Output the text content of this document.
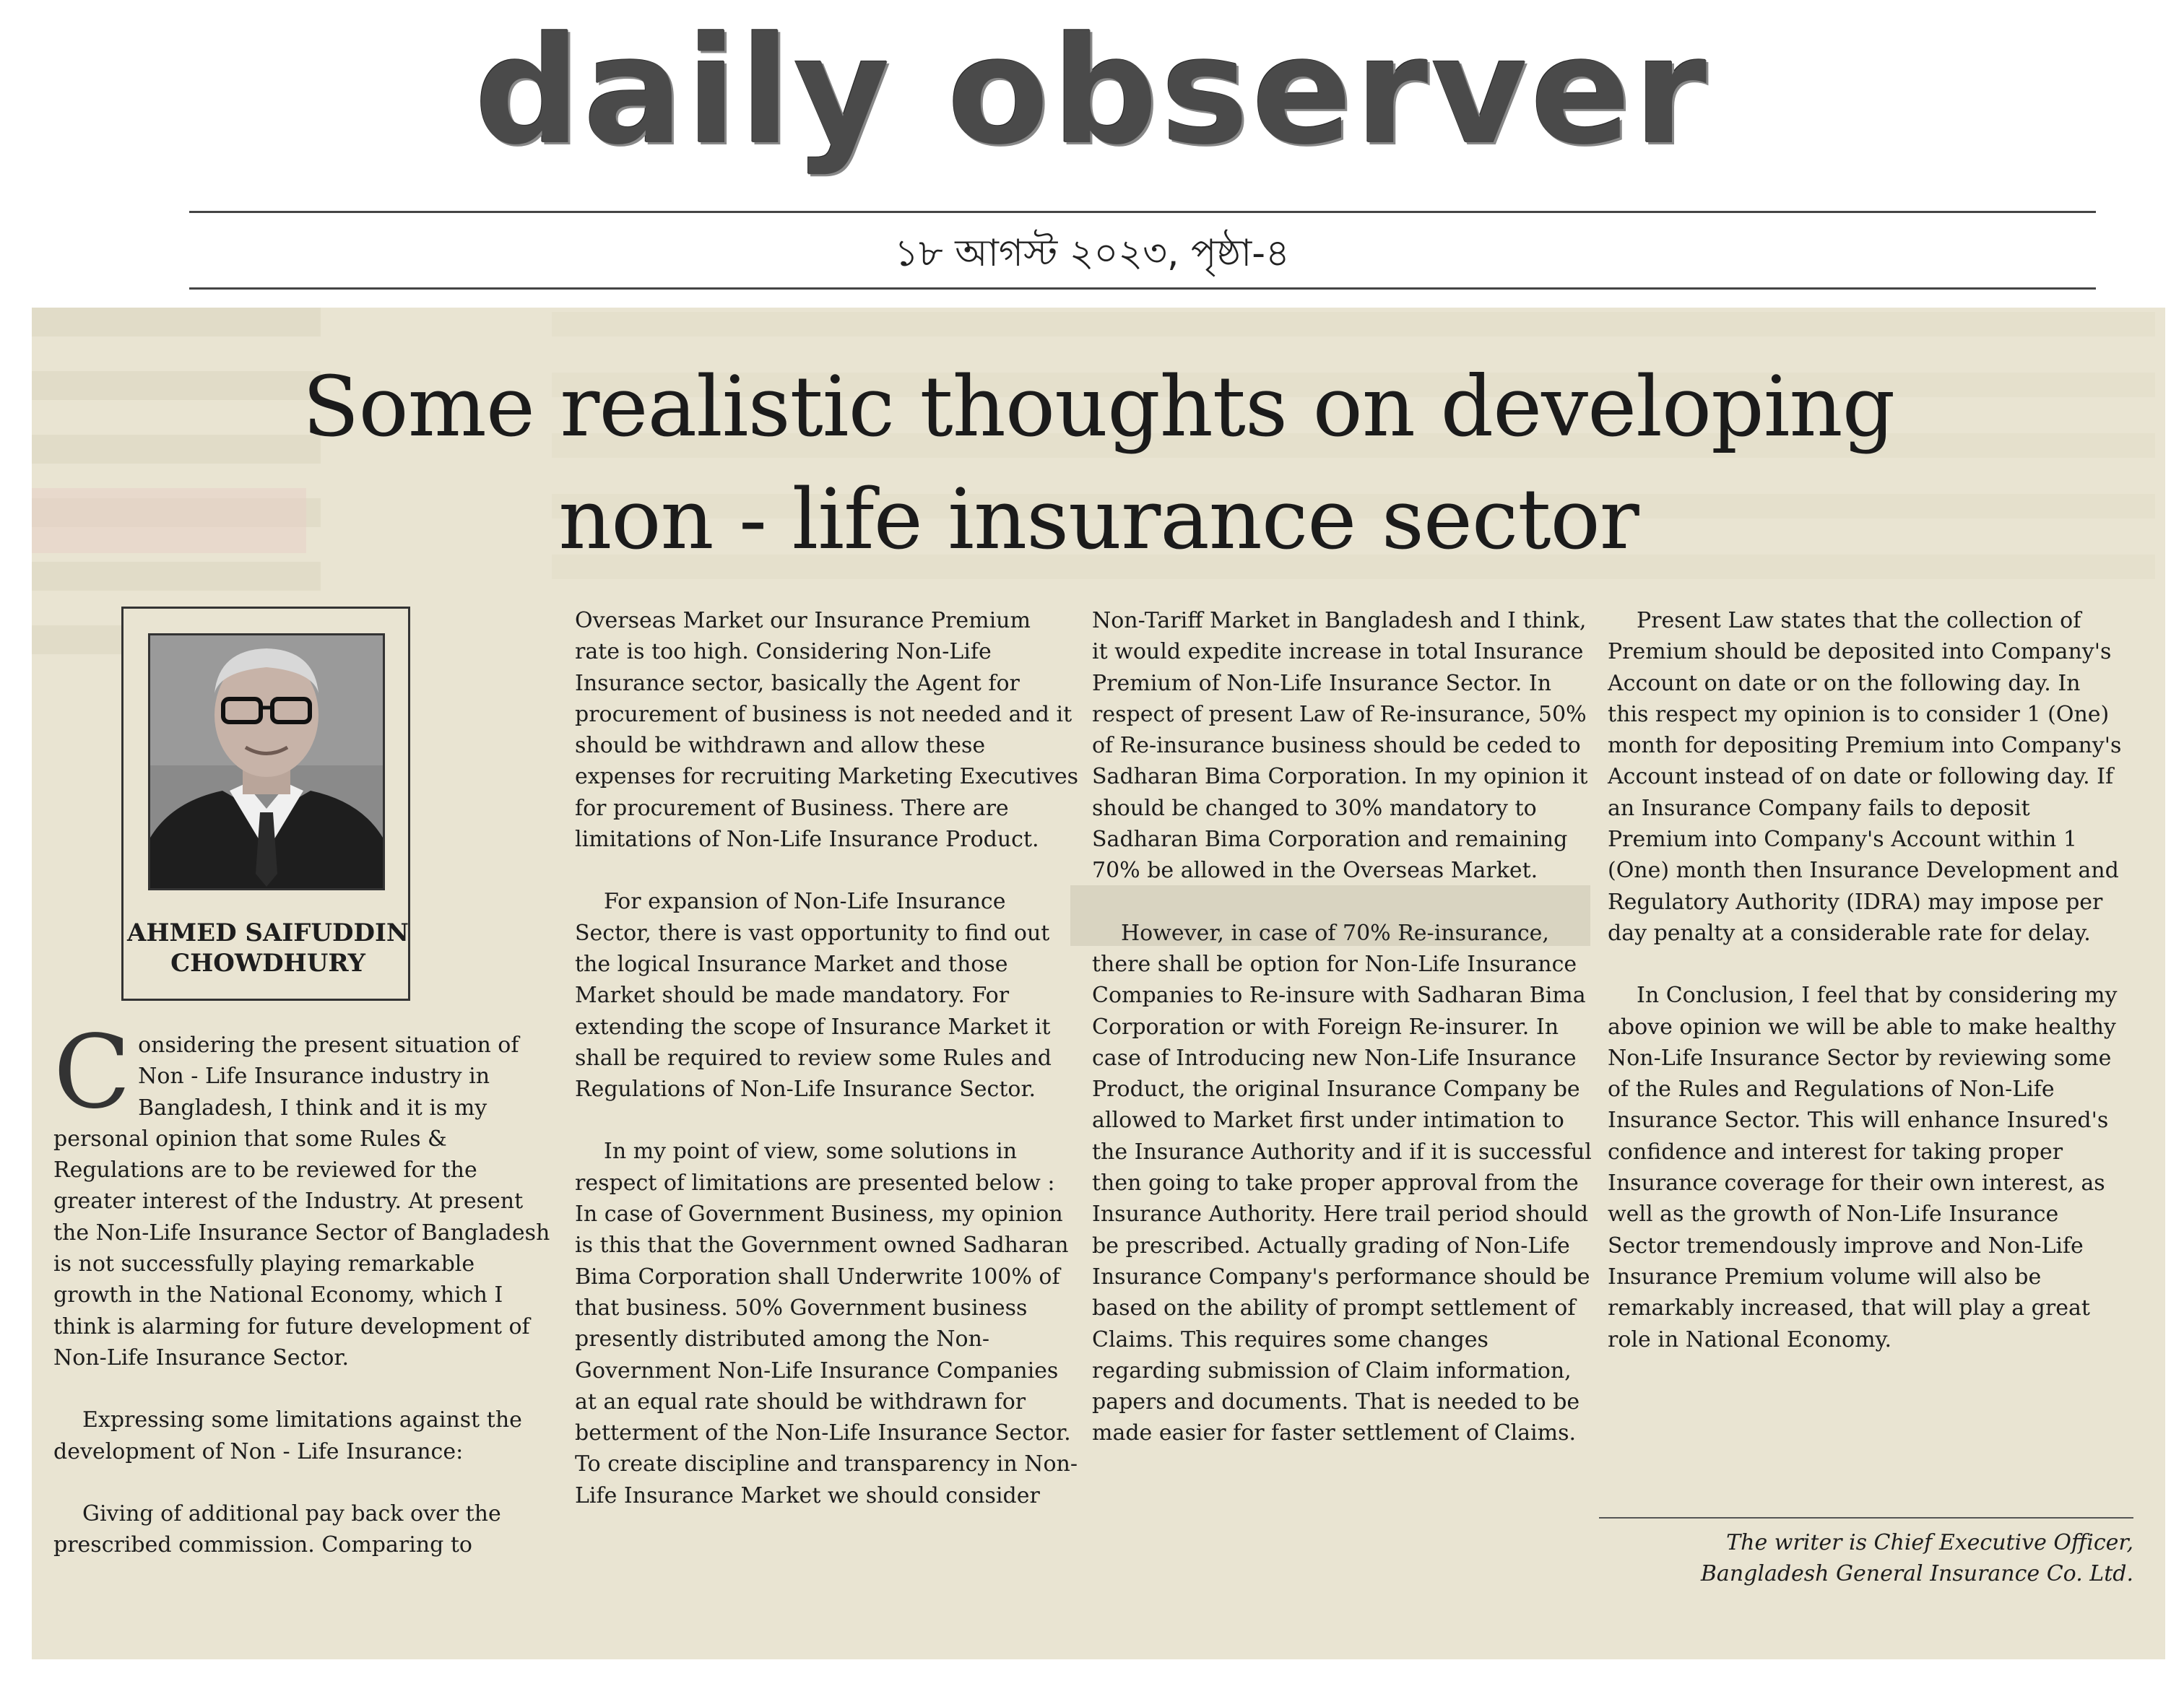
daily observer
১৮ আগস্ট ২০২৩, পৃষ্ঠা-৪
Some realistic thoughts on developing
non - life insurance sector
AHMED SAIFUDDIN
CHOWDHURY

Considering the present situation of Non - Life Insurance industry in Bangladesh, I think and it is my personal opinion that some Rules & Regulations are to be reviewed for the greater interest of the Industry. At present the Non-Life Insurance Sector of Bangladesh is not successfully playing remarkable growth in the National Economy, which I think is alarming for future development of Non-Life Insurance Sector.

Expressing some limitations against the development of Non - Life Insurance:

Giving of additional pay back over the prescribed commission. Comparing to

Overseas Market our Insurance Premium rate is too high. Considering Non-Life Insurance sector, basically the Agent for procurement of business is not needed and it should be withdrawn and allow these expenses for recruiting Marketing Executives for procurement of Business. There are limitations of Non-Life Insurance Product.

For expansion of Non-Life Insurance Sector, there is vast opportunity to find out the logical Insurance Market and those Market should be made mandatory. For extending the scope of Insurance Market it shall be required to review some Rules and Regulations of Non-Life Insurance Sector.

In my point of view, some solutions in respect of limitations are presented below : In case of Government Business, my opinion is this that the Government owned Sadharan Bima Corporation shall Underwrite 100% of that business. 50% Government business presently distributed among the Non-Government Non-Life Insurance Companies at an equal rate should be withdrawn for betterment of the Non-Life Insurance Sector. To create discipline and transparency in Non-Life Insurance Market we should consider

Non-Tariff Market in Bangladesh and I think, it would expedite increase in total Insurance Premium of Non-Life Insurance Sector. In respect of present Law of Re-insurance, 50% of Re-insurance business should be ceded to Sadharan Bima Corporation. In my opinion it should be changed to 30% mandatory to Sadharan Bima Corporation and remaining 70% be allowed in the Overseas Market.

However, in case of 70% Re-insurance, there shall be option for Non-Life Insurance Companies to Re-insure with Sadharan Bima Corporation or with Foreign Re-insurer. In case of Introducing new Non-Life Insurance Product, the original Insurance Company be allowed to Market first under intimation to the Insurance Authority and if it is successful then going to take proper approval from the Insurance Authority. Here trail period should be prescribed. Actually grading of Non-Life Insurance Company's performance should be based on the ability of prompt settlement of Claims. This requires some changes regarding submission of Claim information, papers and documents. That is needed to be made easier for faster settlement of Claims.

Present Law states that the collection of Premium should be deposited into Company's Account on date or on the following day. In this respect my opinion is to consider 1 (One) month for depositing Premium into Company's Account instead of on date or following day. If an Insurance Company fails to deposit Premium into Company's Account within 1 (One) month then Insurance Development and Regulatory Authority (IDRA) may impose per day penalty at a considerable rate for delay.

In Conclusion, I feel that by considering my above opinion we will be able to make healthy Non-Life Insurance Sector by reviewing some of the Rules and Regulations of Non-Life Insurance Sector. This will enhance Insured's confidence and interest for taking proper Insurance coverage for their own interest, as well as the growth of Non-Life Insurance Sector tremendously improve and Non-Life Insurance Premium volume will also be remarkably increased, that will play a great role in National Economy.

The writer is Chief Executive Officer,
Bangladesh General Insurance Co. Ltd.
